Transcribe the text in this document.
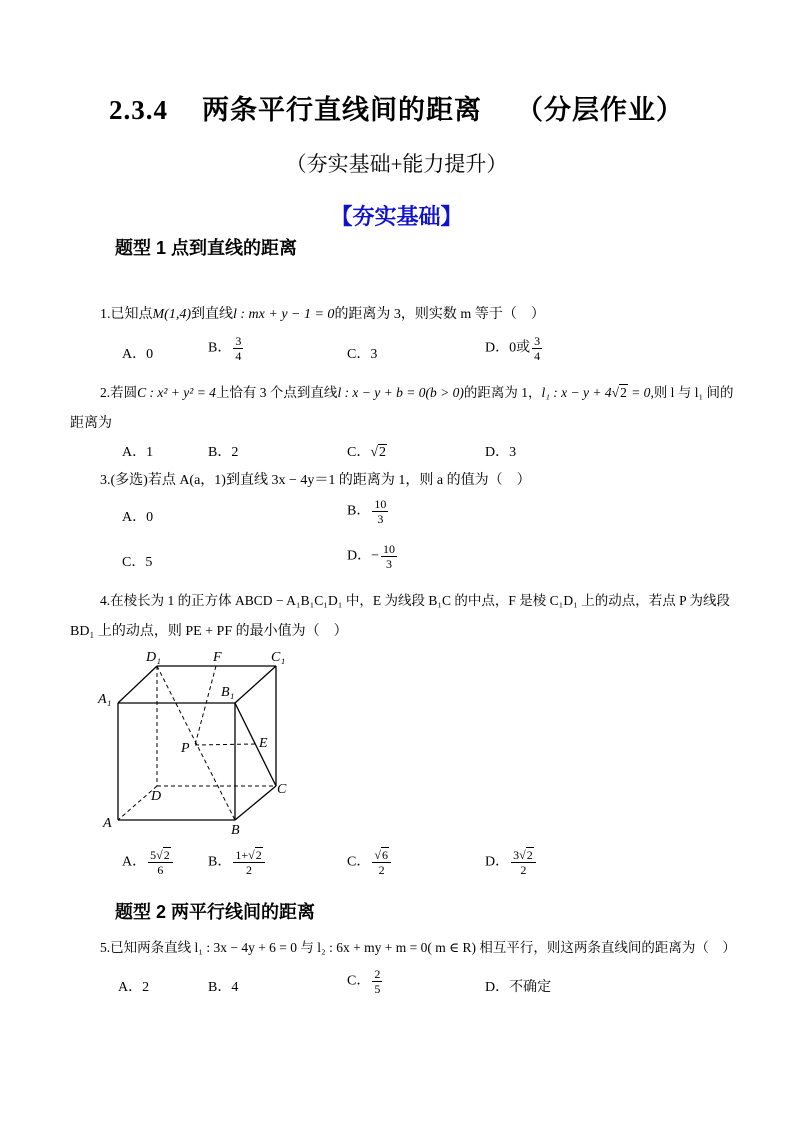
2.3.4 两条平行直线间的距离 （分层作业）
（夯实基础+能力提升）
【夯实基础】
题型 1 点到直线的距离
1.已知点M(1,4)到直线l : mx + y − 1 = 0的距离为 3，则实数 m 等于（　）
A．0	B． $\frac{3}{4}$	C．3	D．0或 $\frac{3}{4}$
2.若圆C : x² + y² = 4上恰有 3 个点到直线l : x − y + b = 0(b > 0)的距离为 1，l₁ : x − y + 4√2 = 0,则 l 与 l₁ 间的
距离为
A．1	B．2	C．√2	D．3
3.(多选)若点 A(a，1)到直线 3x − 4y＝1 的距离为 1，则 a 的值为（　）
A．0	B． $\frac{10}{3}$
C．5	D．− $\frac{10}{3}$
4.在棱长为 1 的正方体 ABCD − A₁B₁C₁D₁ 中，E 为线段 B₁C 的中点，F 是棱 C₁D₁ 上的动点，若点 P 为线段
BD₁ 上的动点，则 PE + PF 的最小值为（　）
D₁	F	C₁
A₁	B₁
P	E
D	C
A	B
A． $\frac{5√2}{6}$	B． $\frac{1+√2}{2}$	C． $\frac{√6}{2}$	D． $\frac{3√2}{2}$
题型 2 两平行线间的距离
5.已知两条直线 l₁ : 3x − 4y + 6 = 0 与 l₂ : 6x + my + m = 0( m ∈ R) 相互平行，则这两条直线间的距离为（　）
A．2	B．4	C． $\frac{2}{5}$	D．不确定
